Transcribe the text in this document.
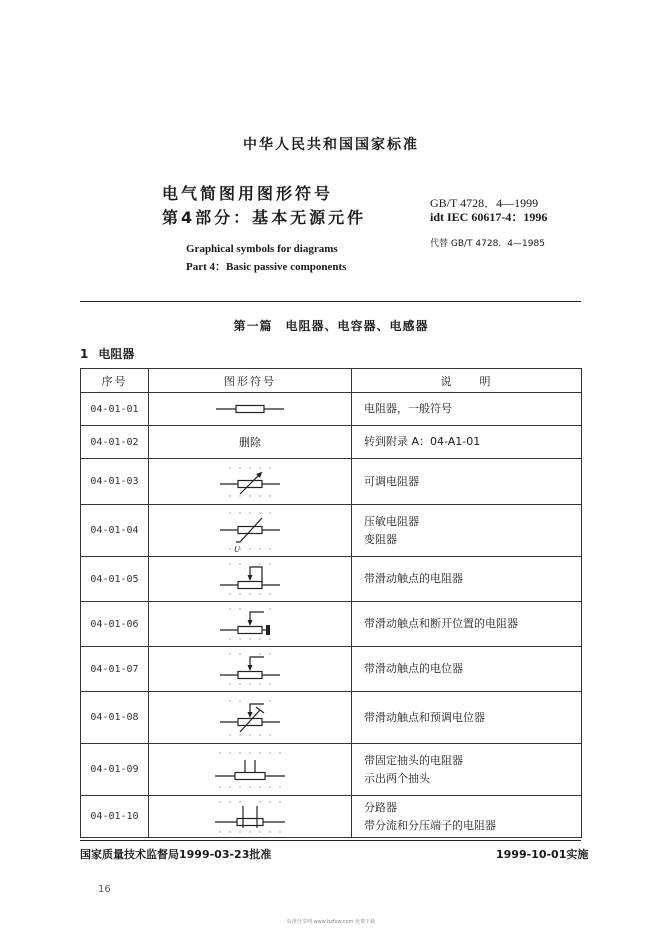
中华人民共和国国家标准
电气简图用图形符号
第4部分：基本无源元件
Graphical symbols for diagrams
Part 4：Basic passive components
GB/T 4728．4—1999
idt IEC 60617-4：1996
代替 GB/T 4728．4—1985
第一篇　电阻器、电容器、电感器
1 电阻器
序号	图形符号	说　　明
04-01-01		电阻器，一般符号

04-01-02	删除	转到附录 A：04-A1-01

04-01-03		可调电阻器

04-01-04	U	压敏电阻器
变阻器

04-01-05		带滑动触点的电阻器

04-01-06		带滑动触点和断开位置的电阻器

04-01-07		带滑动触点的电位器

04-01-08		带滑动触点和预调电位器

04-01-09		带固定抽头的电阻器
示出两个抽头

04-01-10		分路器
带分流和分压端子的电阻器
国家质量技术监督局1999-03-23批准	1999-10-01实施
16
标准分享网 www.bzfxw.com 免费下载
